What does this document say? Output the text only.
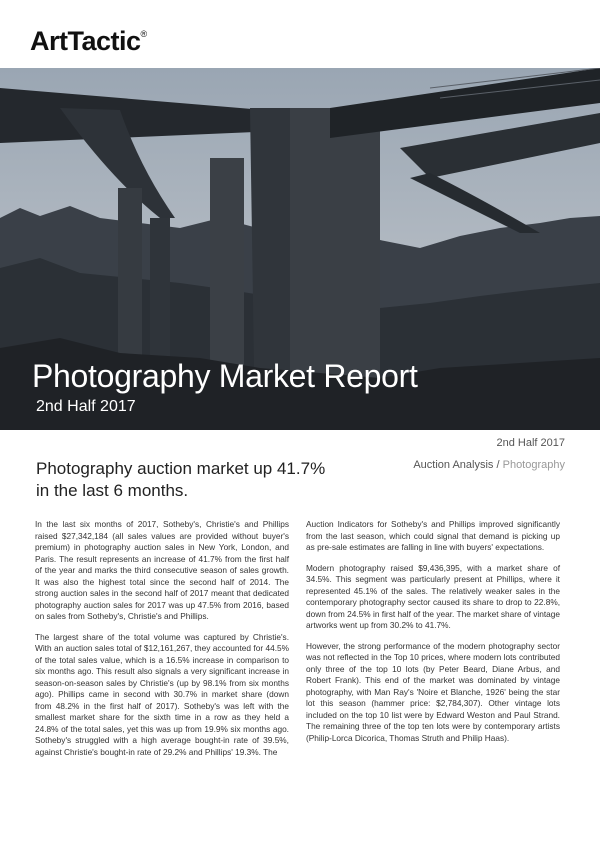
ArtTactic®
Photography Market Report
2nd Half 2017
2nd Half 2017
Auction Analysis / Photography
Photography auction market up 41.7% in the last 6 months.

In the last six months of 2017, Sotheby's, Christie's and Phillips raised $27,342,184 (all sales values are provided without buyer's premium) in photography auction sales in New York, London, and Paris. The result represents an increase of 41.7% from the first half of the year and marks the third consecutive season of sales growth. It was also the highest total since the second half of 2014. The strong auction sales in the second half of 2017 meant that dedicated photography auction sales for 2017 was up 47.5% from 2016, based on sales from Sotheby's, Christie's and Phillips.

The largest share of the total volume was captured by Christie's. With an auction sales total of $12,161,267, they accounted for 44.5% of the total sales value, which is a 16.5% increase in comparison to six months ago. This result also signals a very significant increase in season-on-season sales by Christie's (up by 98.1% from six months ago). Phillips came in second with 30.7% in market share (down from 48.2% in the first half of 2017). Sotheby's was left with the smallest market share for the sixth time in a row as they held a 24.8% of the total sales, yet this was up from 19.9% six months ago. Sotheby's struggled with a high average bought-in rate of 39.5%, against Christie's bought-in rate of 29.2% and Phillips' 19.3%. The

Auction Indicators for Sotheby's and Phillips improved significantly from the last season, which could signal that demand is picking up as pre-sale estimates are falling in line with buyers' expectations.

Modern photography raised $9,436,395, with a market share of 34.5%. This segment was particularly present at Phillips, where it represented 45.1% of the sales. The relatively weaker sales in the contemporary photography sector caused its share to drop to 22.8%, down from 24.5% in first half of the year. The market share of vintage artworks went up from 30.2% to 41.7%.

However, the strong performance of the modern photography sector was not reflected in the Top 10 prices, where modern lots contributed only three of the top 10 lots (by Peter Beard, Diane Arbus, and Robert Frank). This end of the market was dominated by vintage photography, with Man Ray's 'Noire et Blanche, 1926' being the star lot this season (hammer price: $2,784,307). Other vintage lots included on the top 10 list were by Edward Weston and Paul Strand. The remaining three of the top ten lots were by contemporary artists (Philip-Lorca Dicorica, Thomas Struth and Philip Haas).
